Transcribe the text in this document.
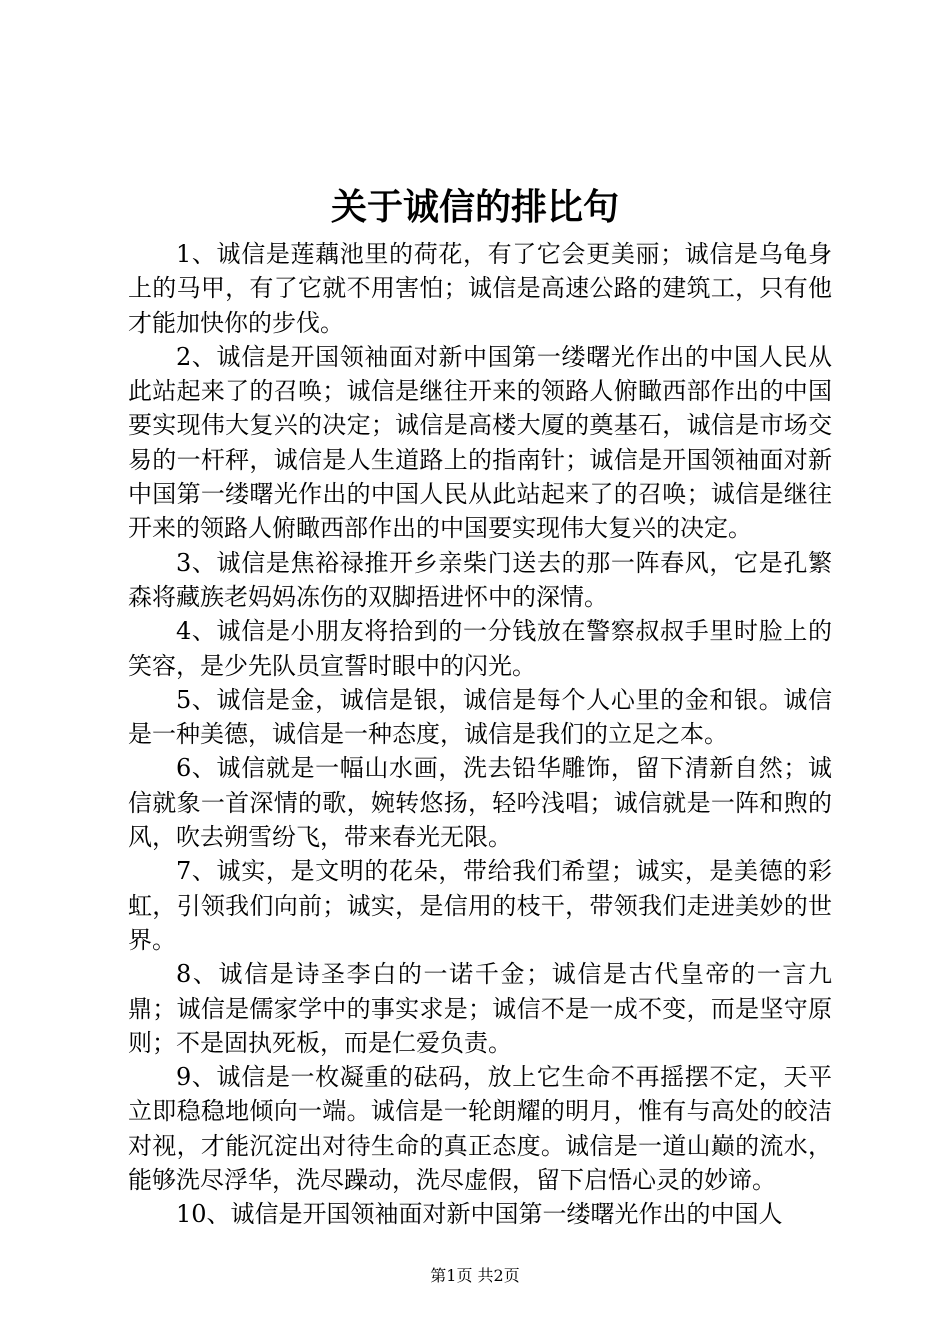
关于诚信的排比句

1、诚信是莲藕池里的荷花，有了它会更美丽；诚信是乌龟身上的马甲，有了它就不用害怕；诚信是高速公路的建筑工，只有他才能加快你的步伐。

2、诚信是开国领袖面对新中国第一缕曙光作出的中国人民从此站起来了的召唤；诚信是继往开来的领路人俯瞰西部作出的中国要实现伟大复兴的决定；诚信是高楼大厦的奠基石，诚信是市场交易的一杆秤，诚信是人生道路上的指南针；诚信是开国领袖面对新中国第一缕曙光作出的中国人民从此站起来了的召唤；诚信是继往开来的领路人俯瞰西部作出的中国要实现伟大复兴的决定。

3、诚信是焦裕禄推开乡亲柴门送去的那一阵春风，它是孔繁森将藏族老妈妈冻伤的双脚捂进怀中的深情。

4、诚信是小朋友将拾到的一分钱放在警察叔叔手里时脸上的笑容，是少先队员宣誓时眼中的闪光。

5、诚信是金，诚信是银，诚信是每个人心里的金和银。诚信是一种美德，诚信是一种态度，诚信是我们的立足之本。

6、诚信就是一幅山水画，洗去铅华雕饰，留下清新自然；诚信就象一首深情的歌，婉转悠扬，轻吟浅唱；诚信就是一阵和煦的风，吹去朔雪纷飞，带来春光无限。

7、诚实，是文明的花朵，带给我们希望；诚实，是美德的彩虹，引领我们向前；诚实，是信用的枝干，带领我们走进美妙的世界。

8、诚信是诗圣李白的一诺千金；诚信是古代皇帝的一言九鼎；诚信是儒家学中的事实求是；诚信不是一成不变，而是坚守原则；不是固执死板，而是仁爱负责。

9、诚信是一枚凝重的砝码，放上它生命不再摇摆不定，天平立即稳稳地倾向一端。诚信是一轮朗耀的明月，惟有与高处的皎洁对视，才能沉淀出对待生命的真正态度。诚信是一道山巅的流水，能够洗尽浮华，洗尽躁动，洗尽虚假，留下启悟心灵的妙谛。

10、诚信是开国领袖面对新中国第一缕曙光作出的中国人

第1页 共2页
